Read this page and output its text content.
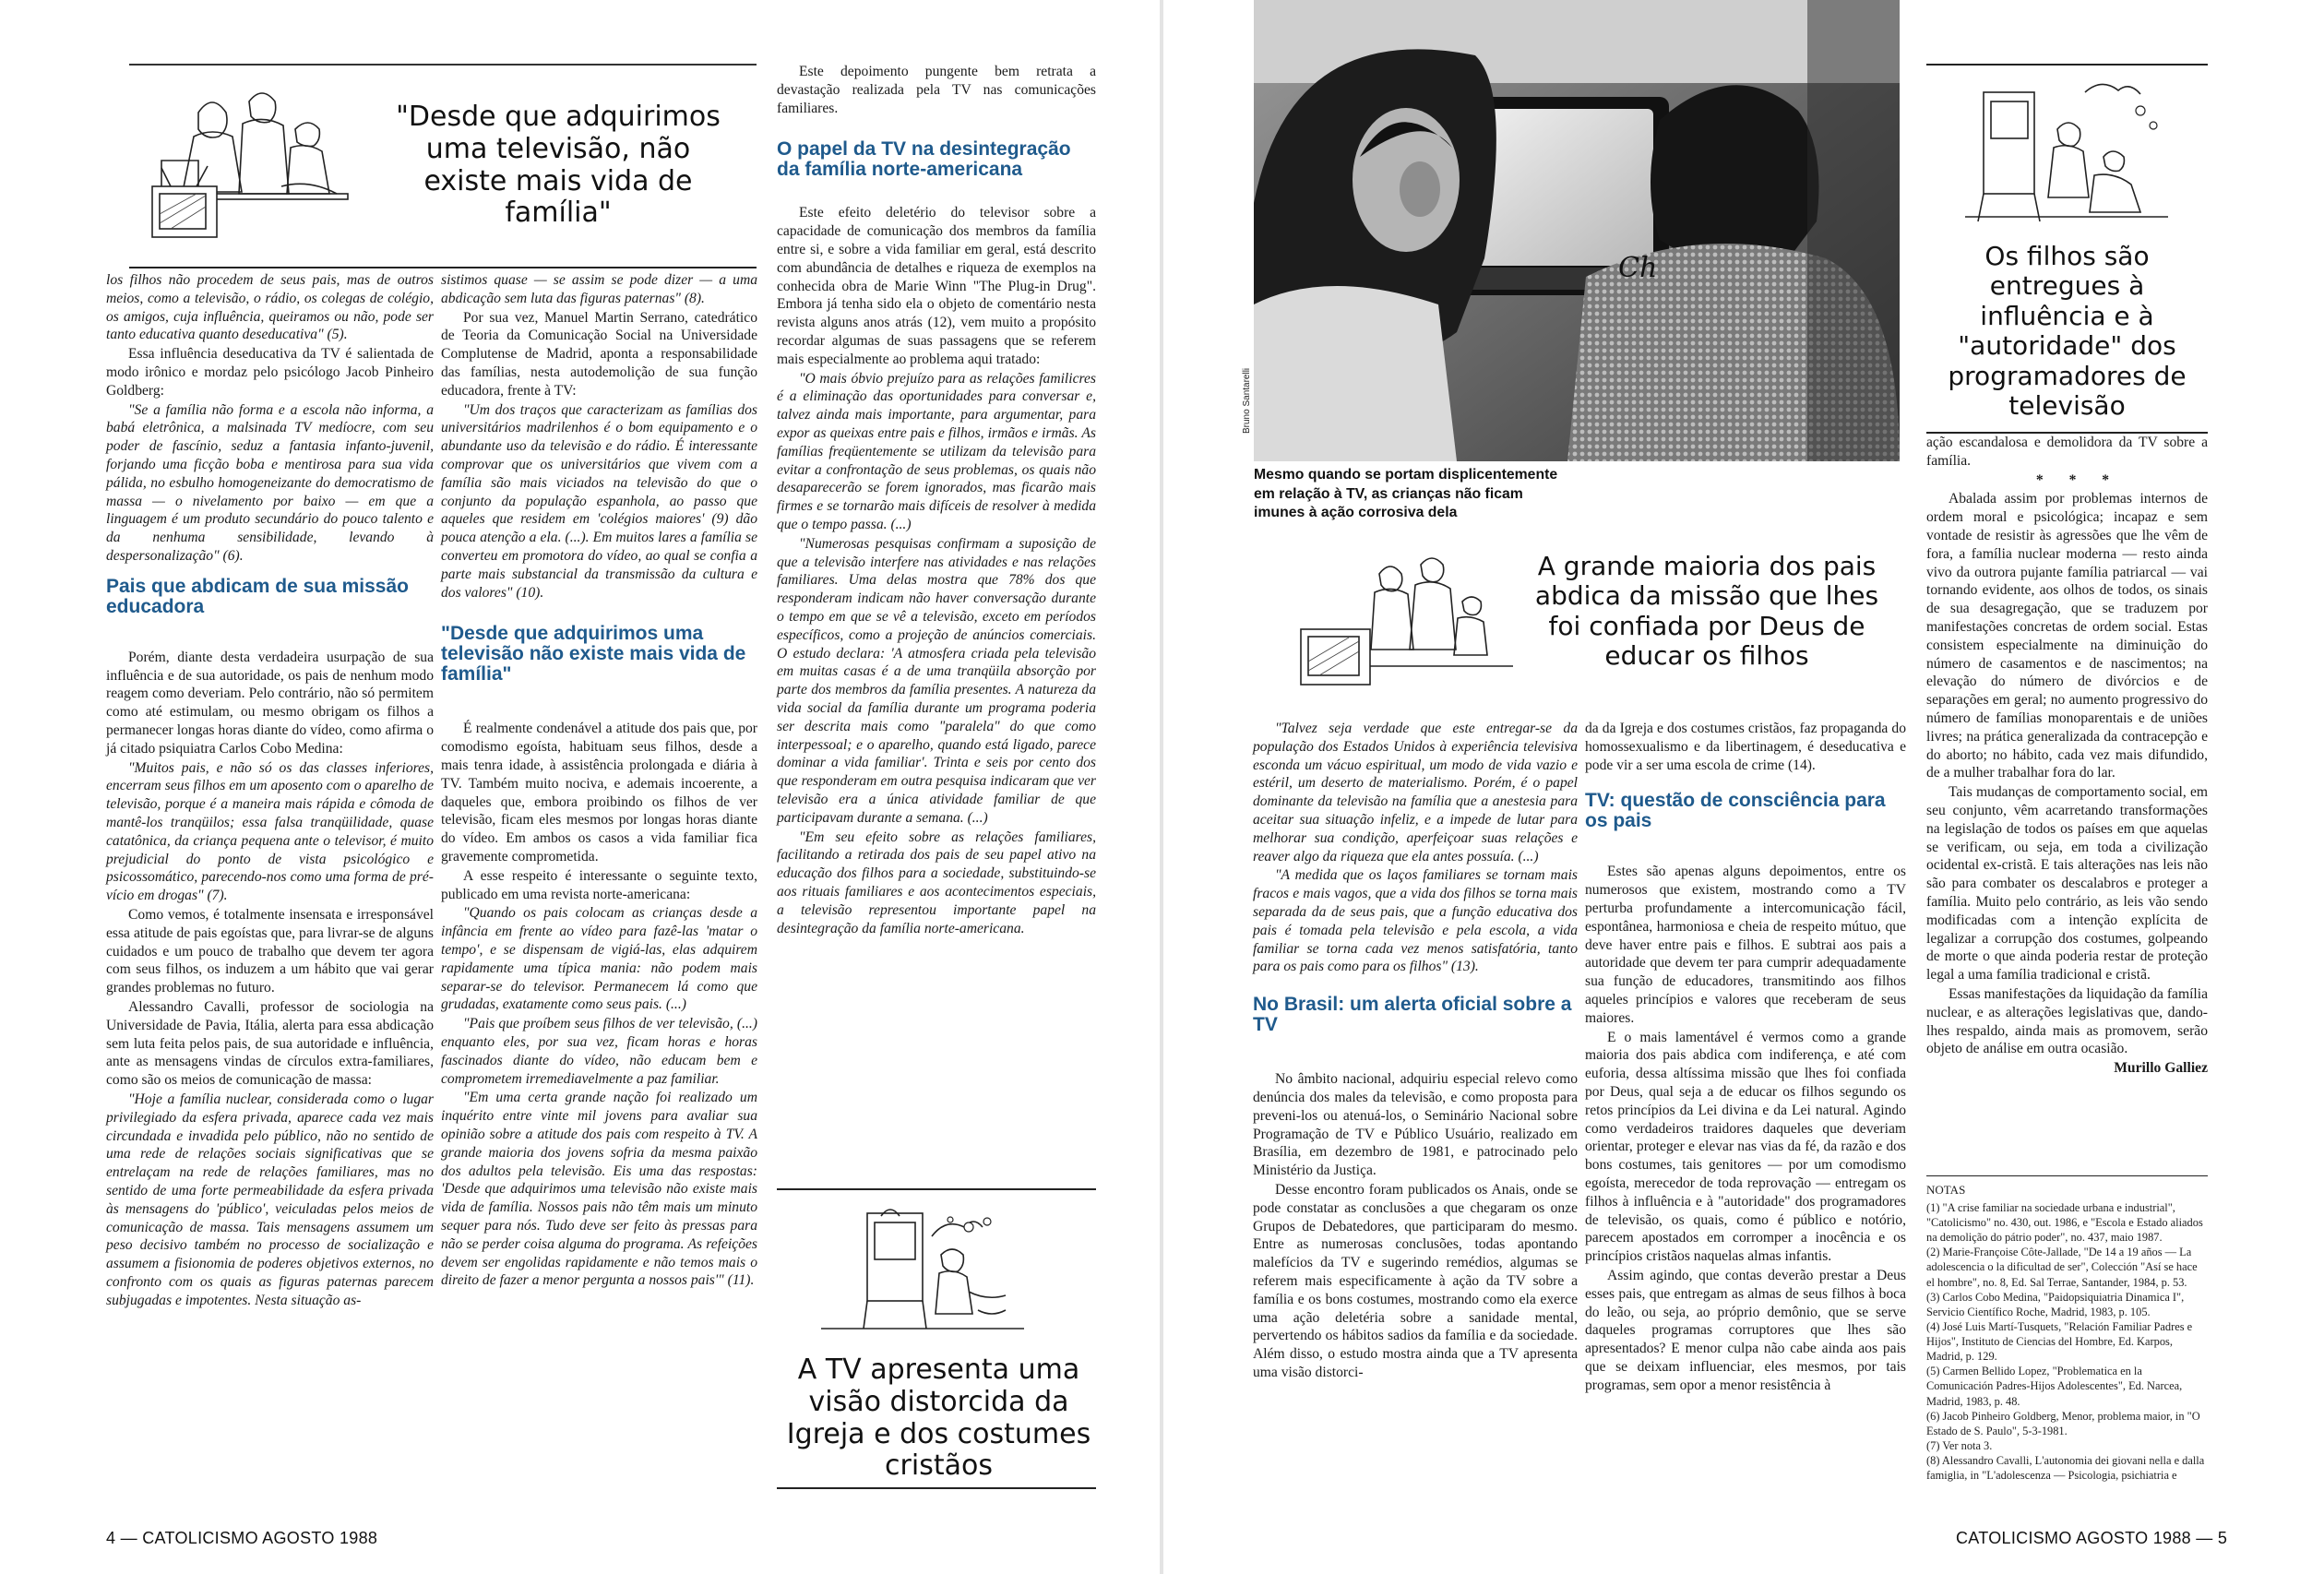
"Desde que adquirimos uma televisão, não existe mais vida de família"

los filhos não procedem de seus pais, mas de outros meios, como a televisão, o rádio, os colegas de colégio, os amigos, cuja influência, queiramos ou não, pode ser tanto educativa quanto deseducativa" (5).

Essa influência deseducativa da TV é salientada de modo irônico e mordaz pelo psicólogo Jacob Pinheiro Goldberg:

"Se a família não forma e a escola não informa, a babá eletrônica, a malsinada TV medíocre, com seu poder de fascínio, seduz a fantasia infanto-juvenil, forjando uma ficção boba e mentirosa para sua vida pálida, no esbulho homogeneizante do democratismo de massa — o nivelamento por baixo — em que a linguagem é um produto secundário do pouco talento e da nenhuma sensibilidade, levando à despersonalização" (6).

Pais que abdicam de sua missão educadora

Porém, diante desta verdadeira usurpação de sua influência e de sua autoridade, os pais de nenhum modo reagem como deveriam. Pelo contrário, não só permitem como até estimulam, ou mesmo obrigam os filhos a permanecer longas horas diante do vídeo, como afirma o já citado psiquiatra Carlos Cobo Medina:

"Muitos pais, e não só os das classes inferiores, encerram seus filhos em um aposento com o aparelho de televisão, porque é a maneira mais rápida e cômoda de mantê-los tranqüilos; essa falsa tranqüilidade, quase catatônica, da criança pequena ante o televisor, é muito prejudicial do ponto de vista psicológico e psicossomático, parecendo-nos como uma forma de pré-vício em drogas" (7).

Como vemos, é totalmente insensata e irresponsável essa atitude de pais egoístas que, para livrar-se de alguns cuidados e um pouco de trabalho que devem ter agora com seus filhos, os induzem a um hábito que vai gerar grandes problemas no futuro.

Alessandro Cavalli, professor de sociologia na Universidade de Pavia, Itália, alerta para essa abdicação sem luta feita pelos pais, de sua autoridade e influência, ante as mensagens vindas de círculos extra-familiares, como são os meios de comunicação de massa:

"Hoje a família nuclear, considerada como o lugar privilegiado da esfera privada, aparece cada vez mais circundada e invadida pelo público, não no sentido de uma rede de relações sociais significativas que se entrelaçam na rede de relações familiares, mas no sentido de uma forte permeabilidade da esfera privada às mensagens do 'público', veiculadas pelos meios de comunicação de massa. Tais mensagens assumem um peso decisivo também no processo de socialização e assumem a fisionomia de poderes objetivos externos, no confronto com os quais as figuras paternas parecem subjugadas e impotentes. Nesta situação as-

sistimos quase — se assim se pode dizer — a uma abdicação sem luta das figuras paternas" (8).

Por sua vez, Manuel Martin Serrano, catedrático de Teoria da Comunicação Social na Universidade Complutense de Madrid, aponta a responsabilidade das famílias, nesta autodemolição de sua função educadora, frente à TV:

"Um dos traços que caracterizam as famílias dos universitários madrilenhos é o bom equipamento e o abundante uso da televisão e do rádio. É interessante comprovar que os universitários que vivem com a família são mais viciados na televisão do que o conjunto da população espanhola, ao passo que aqueles que residem em 'colégios maiores' (9) dão pouca atenção a ela. (...). Em muitos lares a família se converteu em promotora do vídeo, ao qual se confia a parte mais substancial da transmissão da cultura e dos valores" (10).

"Desde que adquirimos uma televisão não existe mais vida de família"

É realmente condenável a atitude dos pais que, por comodismo egoísta, habituam seus filhos, desde a mais tenra idade, à assistência prolongada e diária à TV. Também muito nociva, e ademais incoerente, a daqueles que, embora proibindo os filhos de ver televisão, ficam eles mesmos por longas horas diante do vídeo. Em ambos os casos a vida familiar fica gravemente comprometida.

A esse respeito é interessante o seguinte texto, publicado em uma revista norte-americana:

"Quando os pais colocam as crianças desde a infância em frente ao vídeo para fazê-las 'matar o tempo', e se dispensam de vigiá-las, elas adquirem rapidamente uma típica mania: não podem mais separar-se do televisor. Permanecem lá como que grudadas, exatamente como seus pais. (...)

"Pais que proíbem seus filhos de ver televisão, (...) enquanto eles, por sua vez, ficam horas e horas fascinados diante do vídeo, não educam bem e comprometem irremediavelmente a paz familiar.

"Em uma certa grande nação foi realizado um inquérito entre vinte mil jovens para avaliar sua opinião sobre a atitude dos pais com respeito à TV. A grande maioria dos jovens sofria da mesma paixão dos adultos pela televisão. Eis uma das respostas: 'Desde que adquirimos uma televisão não existe mais vida de família. Nossos pais não têm mais um minuto sequer para nós. Tudo deve ser feito às pressas para não se perder coisa alguma do programa. As refeições devem ser engolidas rapidamente e não temos mais o direito de fazer a menor pergunta a nossos pais'" (11).

Este depoimento pungente bem retrata a devastação realizada pela TV nas comunicações familiares.

O papel da TV na desintegração da família norte-americana

Este efeito deletério do televisor sobre a capacidade de comunicação dos membros da família entre si, e sobre a vida familiar em geral, está descrito com abundância de detalhes e riqueza de exemplos na conhecida obra de Marie Winn "The Plug-in Drug". Embora já tenha sido ela o objeto de comentário nesta revista alguns anos atrás (12), vem muito a propósito recordar algumas de suas passagens que se referem mais especialmente ao problema aqui tratado:

"O mais óbvio prejuízo para as relações familicres é a eliminação das oportunidades para conversar e, talvez ainda mais importante, para argumentar, para expor as queixas entre pais e filhos, irmãos e irmãs. As famílias freqüentemente se utilizam da televisão para evitar a confrontação de seus problemas, os quais não desaparecerão se forem ignorados, mas ficarão mais firmes e se tornarão mais difíceis de resolver à medida que o tempo passa. (...)

"Numerosas pesquisas confirmam a suposição de que a televisão interfere nas atividades e nas relações familiares. Uma delas mostra que 78% dos que responderam indicam não haver conversação durante o tempo em que se vê a televisão, exceto em períodos específicos, como a projeção de anúncios comerciais. O estudo declara: 'A atmosfera criada pela televisão em muitas casas é a de uma tranqüila absorção por parte dos membros da família presentes. A natureza da vida social da família durante um programa poderia ser descrita mais como "paralela" do que como interpessoal; e o aparelho, quando está ligado, parece dominar a vida familiar'. Trinta e seis por cento dos que responderam em outra pesquisa indicaram que ver televisão era a única atividade familiar de que participavam durante a semana. (...)

"Em seu efeito sobre as relações familiares, facilitando a retirada dos pais de seu papel ativo na educação dos filhos para a sociedade, substituindo-se aos rituais familiares e aos acontecimentos especiais, a televisão representou importante papel na desintegração da família norte-americana.

A TV apresenta uma visão distorcida da Igreja e dos costumes cristãos
4 — CATOLICISMO AGOSTO 1988
Ch
Bruno Santarelli
Mesmo quando se portam displicentemente em relação à TV, as crianças não ficam imunes à ação corrosiva dela
Os filhos são entregues à influência e à "autoridade" dos programadores de televisão
A grande maioria dos pais abdica da missão que lhes foi confiada por Deus de educar os filhos

"Talvez seja verdade que este entregar-se da população dos Estados Unidos à experiência televisiva esconda um vácuo espiritual, um modo de vida vazio e estéril, um deserto de materialismo. Porém, é o papel dominante da televisão na família que a anestesia para aceitar sua situação infeliz, e a impede de lutar para melhorar sua condição, aperfeiçoar suas relações e reaver algo da riqueza que ela antes possuía. (...)

"A medida que os laços familiares se tornam mais fracos e mais vagos, que a vida dos filhos se torna mais separada da de seus pais, que a função educativa dos pais é tomada pela televisão e pela escola, a vida familiar se torna cada vez menos satisfatória, tanto para os pais como para os filhos" (13).

No Brasil: um alerta oficial sobre a TV

No âmbito nacional, adquiriu especial relevo como denúncia dos males da televisão, e como proposta para preveni-los ou atenuá-los, o Seminário Nacional sobre Programação de TV e Público Usuário, realizado em Brasília, em dezembro de 1981, e patrocinado pelo Ministério da Justiça.

Desse encontro foram publicados os Anais, onde se pode constatar as conclusões a que chegaram os onze Grupos de Debatedores, que participaram do mesmo. Entre as numerosas conclusões, todas apontando malefícios da TV e sugerindo remédios, algumas se referem mais especificamente à ação da TV sobre a família e os bons costumes, mostrando como ela exerce uma ação deletéria sobre a sanidade mental, pervertendo os hábitos sadios da família e da sociedade. Além disso, o estudo mostra ainda que a TV apresenta uma visão distorci-

da da Igreja e dos costumes cristãos, faz propaganda do homossexualismo e da libertinagem, é deseducativa e pode vir a ser uma escola de crime (14).

TV: questão de consciência para os pais

Estes são apenas alguns depoimentos, entre os numerosos que existem, mostrando como a TV perturba profundamente a intercomunicação fácil, espontânea, harmoniosa e cheia de respeito mútuo, que deve haver entre pais e filhos. E subtrai aos pais a autoridade que devem ter para cumprir adequadamente sua função de educadores, transmitindo aos filhos aqueles princípios e valores que receberam de seus maiores.

E o mais lamentável é vermos como a grande maioria dos pais abdica com indiferença, e até com euforia, dessa altíssima missão que lhes foi confiada por Deus, qual seja a de educar os filhos segundo os retos princípios da Lei divina e da Lei natural. Agindo como verdadeiros traidores daqueles que deveriam orientar, proteger e elevar nas vias da fé, da razão e dos bons costumes, tais genitores — por um comodismo egoísta, merecedor de toda reprovação — entregam os filhos à influência e à "autoridade" dos programadores de televisão, os quais, como é público e notório, parecem apostados em corromper a inocência e os princípios cristãos naquelas almas infantis.

Assim agindo, que contas deverão prestar a Deus esses pais, que entregam as almas de seus filhos à boca do leão, ou seja, ao próprio demônio, que se serve daqueles programas corruptores que lhes são apresentados? E menor culpa não cabe ainda aos pais que se deixam influenciar, eles mesmos, por tais programas, sem opor a menor resistência à

ação escandalosa e demolidora da TV sobre a família.

* * *

Abalada assim por problemas internos de ordem moral e psicológica; incapaz e sem vontade de resistir às agressões que lhe vêm de fora, a família nuclear moderna — resto ainda vivo da outrora pujante família patriarcal — vai tornando evidente, aos olhos de todos, os sinais de sua desagregação, que se traduzem por manifestações concretas de ordem social. Estas consistem especialmente na diminuição do número de casamentos e de nascimentos; na elevação do número de divórcios e de separações em geral; no aumento progressivo do número de famílias monoparentais e de uniões livres; na prática generalizada da contracepção e do aborto; no hábito, cada vez mais difundido, de a mulher trabalhar fora do lar.

Tais mudanças de comportamento social, em seu conjunto, vêm acarretando transformações na legislação de todos os países em que aquelas se verificam, ou seja, em toda a civilização ocidental ex-cristã. E tais alterações nas leis não são para combater os descalabros e proteger a família. Muito pelo contrário, as leis vão sendo modificadas com a intenção explícita de legalizar a corrupção dos costumes, golpeando de morte o que ainda poderia restar de proteção legal a uma família tradicional e cristã.

Essas manifestações da liquidação da família nuclear, e as alterações legislativas que, dando-lhes respaldo, ainda mais as promovem, serão objeto de análise em outra ocasião.

Murillo Galliez

NOTAS
(1) "A crise familiar na sociedade urbana e industrial", "Catolicismo" no. 430, out. 1986, e "Escola e Estado aliados na demolição do pátrio poder", no. 437, maio 1987.
(2) Marie-Françoise Côte-Jallade, "De 14 a 19 años — La adolescencia o la dificultad de ser", Colección "Así se hace el hombre", no. 8, Ed. Sal Terrae, Santander, 1984, p. 53.
(3) Carlos Cobo Medina, "Paidopsiquiatria Dinamica I", Servicio Científico Roche, Madrid, 1983, p. 105.
(4) José Luis Martí-Tusquets, "Relación Familiar Padres e Hijos", Instituto de Ciencias del Hombre, Ed. Karpos, Madrid, p. 129.
(5) Carmen Bellido Lopez, "Problematica en la Comunicación Padres-Hijos Adolescentes", Ed. Narcea, Madrid, 1983, p. 48.
(6) Jacob Pinheiro Goldberg, Menor, problema maior, in "O Estado de S. Paulo", 5-3-1981.
(7) Ver nota 3.
(8) Alessandro Cavalli, L'autonomia dei giovani nella e dalla famiglia, in "L'adolescenza — Psicologia, psichiatria e
CATOLICISMO AGOSTO 1988 — 5
